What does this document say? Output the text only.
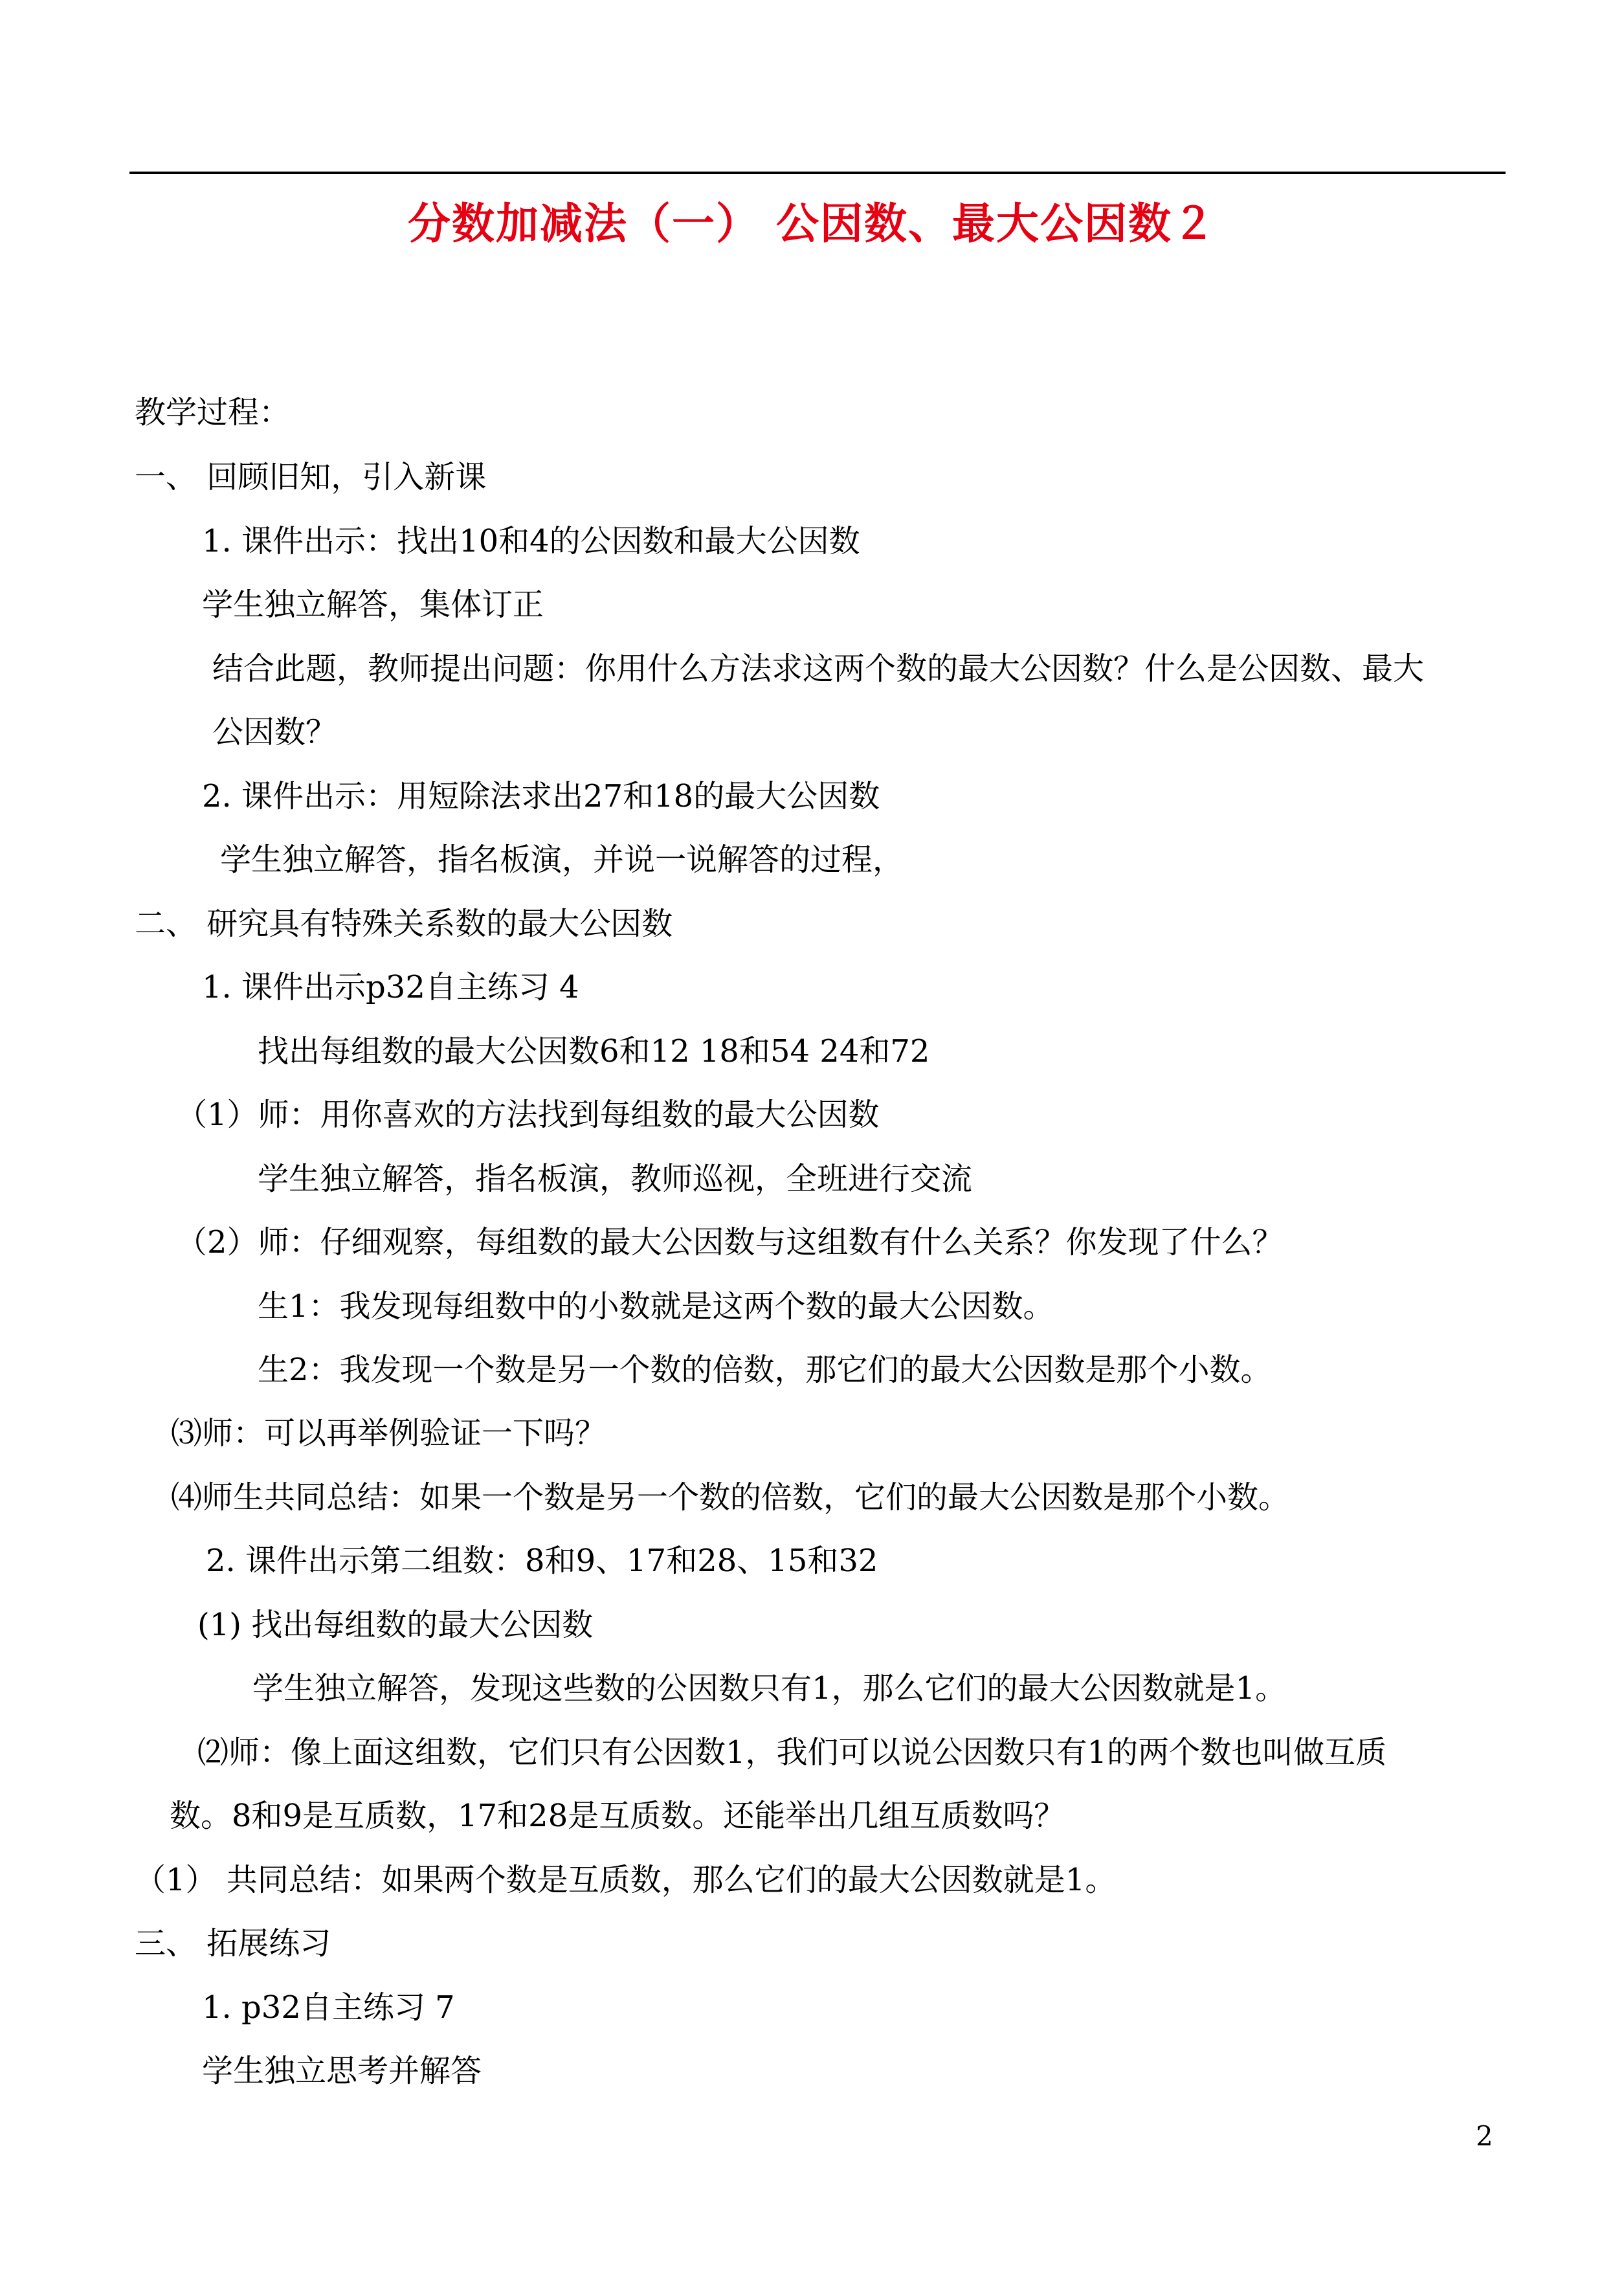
分数加减法（一） 公因数、最大公因数２
教学过程：
一、 回顾旧知，引入新课
1. 课件出示：找出10和4的公因数和最大公因数
学生独立解答，集体订正
结合此题，教师提出问题：你用什么方法求这两个数的最大公因数？什么是公因数、最大
公因数？
2. 课件出示：用短除法求出27和18的最大公因数
学生独立解答，指名板演，并说一说解答的过程，
二、 研究具有特殊关系数的最大公因数
1. 课件出示p32自主练习 4
找出每组数的最大公因数6和12 18和54 24和72
（1）师：用你喜欢的方法找到每组数的最大公因数
学生独立解答，指名板演，教师巡视，全班进行交流
（2）师：仔细观察，每组数的最大公因数与这组数有什么关系？你发现了什么？
生1：我发现每组数中的小数就是这两个数的最大公因数。
生2：我发现一个数是另一个数的倍数，那它们的最大公因数是那个小数。
⑶师：可以再举例验证一下吗？
⑷师生共同总结：如果一个数是另一个数的倍数，它们的最大公因数是那个小数。
2. 课件出示第二组数：8和9、17和28、15和32
(1) 找出每组数的最大公因数
学生独立解答，发现这些数的公因数只有1，那么它们的最大公因数就是1。
⑵师：像上面这组数，它们只有公因数1，我们可以说公因数只有1的两个数也叫做互质
数。8和9是互质数，17和28是互质数。还能举出几组互质数吗？
（1） 共同总结：如果两个数是互质数，那么它们的最大公因数就是1。
三、 拓展练习
1. p32自主练习 7
学生独立思考并解答
2
